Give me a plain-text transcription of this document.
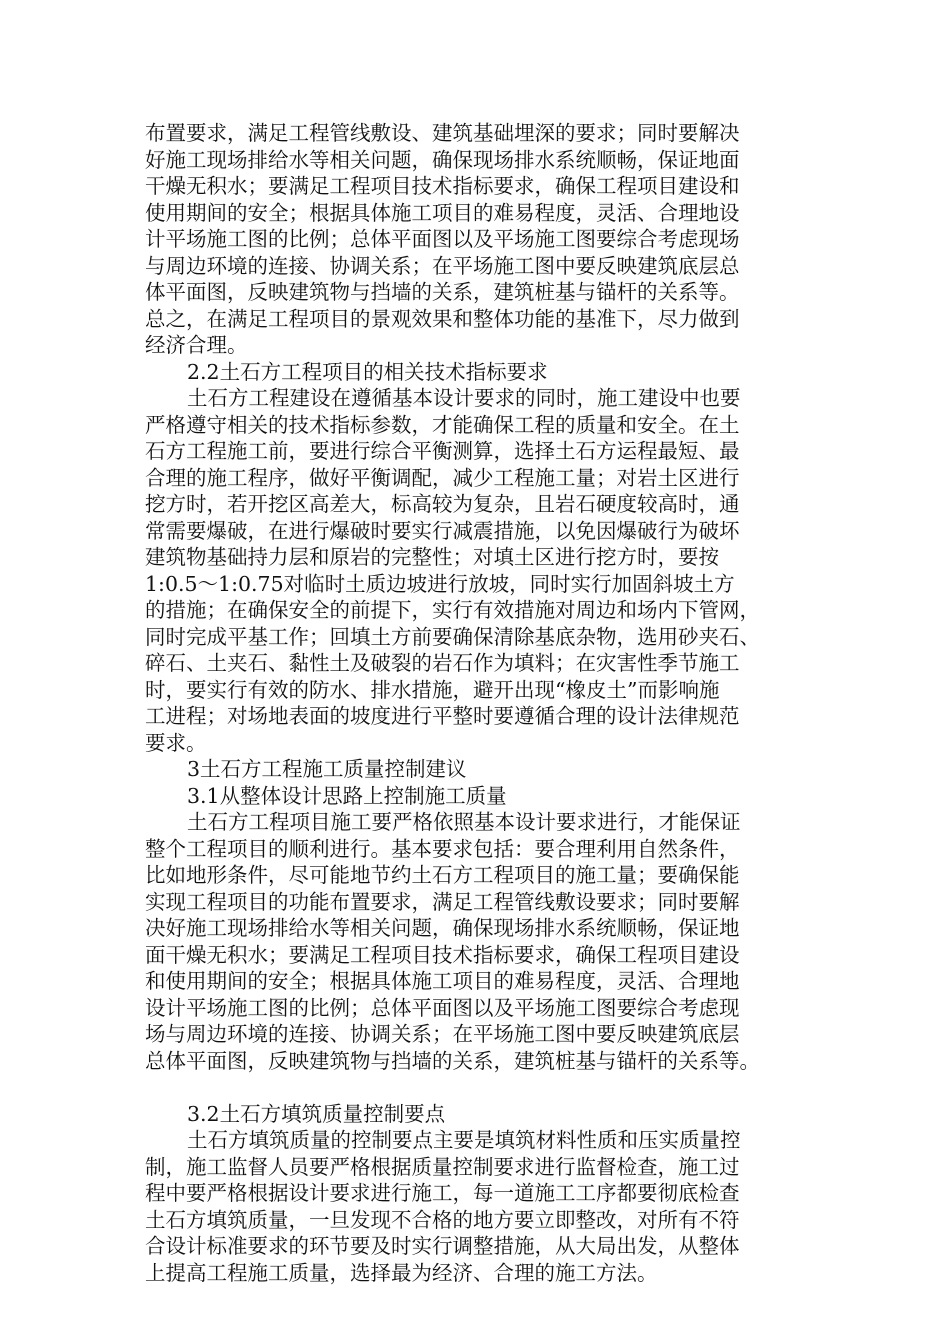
布置要求，满足工程管线敷设、建筑基础埋深的要求；同时要解决
好施工现场排给水等相关问题，确保现场排水系统顺畅，保证地面
干燥无积水；要满足工程项目技术指标要求，确保工程项目建设和
使用期间的安全；根据具体施工项目的难易程度，灵活、合理地设
计平场施工图的比例；总体平面图以及平场施工图要综合考虑现场
与周边环境的连接、协调关系；在平场施工图中要反映建筑底层总
体平面图，反映建筑物与挡墙的关系，建筑桩基与锚杆的关系等。
总之，在满足工程项目的景观效果和整体功能的基准下，尽力做到
经济合理。
2.2土石方工程项目的相关技术指标要求
土石方工程建设在遵循基本设计要求的同时，施工建设中也要
严格遵守相关的技术指标参数，才能确保工程的质量和安全。在土
石方工程施工前，要进行综合平衡测算，选择土石方运程最短、最
合理的施工程序，做好平衡调配，减少工程施工量；对岩土区进行
挖方时，若开挖区高差大，标高较为复杂，且岩石硬度较高时，通
常需要爆破，在进行爆破时要实行减震措施，以免因爆破行为破坏
建筑物基础持力层和原岩的完整性；对填土区进行挖方时，要按
1:0.5～1:0.75对临时土质边坡进行放坡，同时实行加固斜坡土方
的措施；在确保安全的前提下，实行有效措施对周边和场内下管网，
同时完成平基工作；回填土方前要确保清除基底杂物，选用砂夹石、
碎石、土夹石、黏性土及破裂的岩石作为填料；在灾害性季节施工
时，要实行有效的防水、排水措施，避开出现“橡皮土”而影响施
工进程；对场地表面的坡度进行平整时要遵循合理的设计法律规范
要求。
3土石方工程施工质量控制建议
3.1从整体设计思路上控制施工质量
土石方工程项目施工要严格依照基本设计要求进行，才能保证
整个工程项目的顺利进行。基本要求包括：要合理利用自然条件，
比如地形条件，尽可能地节约土石方工程项目的施工量；要确保能
实现工程项目的功能布置要求，满足工程管线敷设要求；同时要解
决好施工现场排给水等相关问题，确保现场排水系统顺畅，保证地
面干燥无积水；要满足工程项目技术指标要求，确保工程项目建设
和使用期间的安全；根据具体施工项目的难易程度，灵活、合理地
设计平场施工图的比例；总体平面图以及平场施工图要综合考虑现
场与周边环境的连接、协调关系；在平场施工图中要反映建筑底层
总体平面图，反映建筑物与挡墙的关系，建筑桩基与锚杆的关系等。
3.2土石方填筑质量控制要点
土石方填筑质量的控制要点主要是填筑材料性质和压实质量控
制，施工监督人员要严格根据质量控制要求进行监督检查，施工过
程中要严格根据设计要求进行施工，每一道施工工序都要彻底检查
土石方填筑质量，一旦发现不合格的地方要立即整改，对所有不符
合设计标准要求的环节要及时实行调整措施，从大局出发，从整体
上提高工程施工质量，选择最为经济、合理的施工方法。
